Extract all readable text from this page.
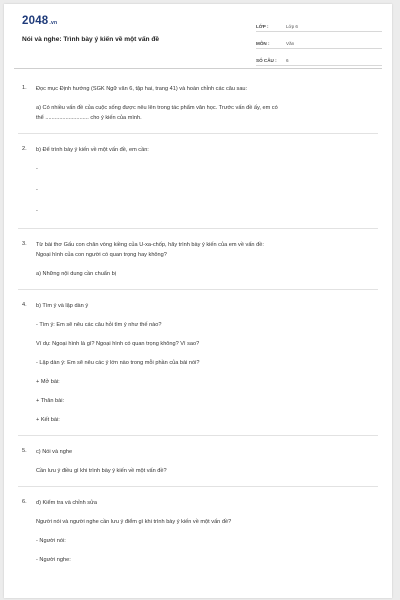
2048.vn
Nói và nghe: Trình bày ý kiến về một vấn đề
LỚP :	Lớp 6
MÔN :	Văn
SỐ CÂU : 6
1. Đọc mục Định hướng (SGK Ngữ văn 6, tập hai, trang 41) và hoàn chỉnh các câu sau:

a) Có nhiều vấn đề của cuộc sống được nêu lên trong tác phẩm văn học. Trước vấn đề ấy, em có

thể ............................ cho ý kiến của mình.

2. b) Để trình bày ý kiến về một vấn đề, em cần:

-

-

-

3. Từ bài thơ Gấu con chân vòng kiềng của U-xa-chốp, hãy trình bày ý kiến của em về vấn đề:

Ngoại hình của con người có quan trọng hay không?

a) Những nội dung cần chuẩn bị

4. b) Tìm ý và lập dàn ý

- Tìm ý: Em sẽ nêu các câu hỏi tìm ý như thế nào?

Ví dụ: Ngoại hình là gì? Ngoại hình có quan trọng không? Vì sao?

- Lập dàn ý: Em sẽ nêu các ý lớn nào trong mỗi phần của bài nói?

+ Mở bài:

+ Thân bài:

+ Kết bài:

5. c) Nói và nghe

Cần lưu ý điều gì khi trình bày ý kiến về một vấn đề?

6. d) Kiểm tra và chỉnh sửa

Người nói và người nghe cần lưu ý điểm gì khi trình bày ý kiến về một vấn đề?

- Người nói:

- Người nghe:
